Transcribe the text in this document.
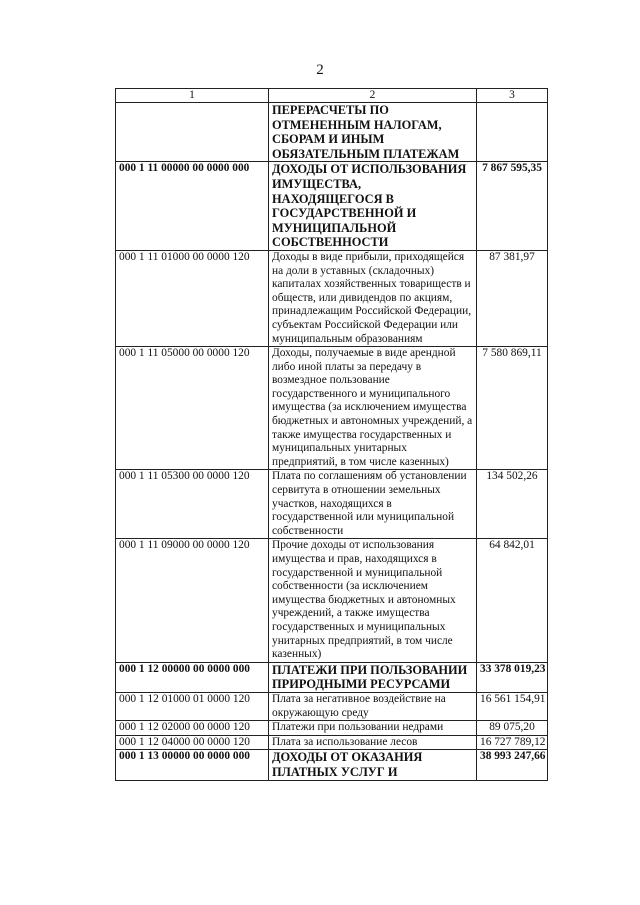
2
1	2	3
	ПЕРЕРАСЧЕТЫ ПО ОТМЕНЕННЫМ НАЛОГАМ, СБОРАМ И ИНЫМ ОБЯЗАТЕЛЬНЫМ ПЛАТЕЖАМ	
000 1 11 00000 00 0000 000	ДОХОДЫ ОТ ИСПОЛЬЗОВАНИЯ ИМУЩЕСТВА, НАХОДЯЩЕГОСЯ В ГОСУДАРСТВЕННОЙ И МУНИЦИПАЛЬНОЙ СОБСТВЕННОСТИ	7 867 595,35
000 1 11 01000 00 0000 120	Доходы в виде прибыли, приходящейся на доли в уставных (складочных) капиталах хозяйственных товариществ и обществ, или дивидендов по акциям, принадлежащим Российской Федерации, субъектам Российской Федерации или муниципальным образованиям	87 381,97
000 1 11 05000 00 0000 120	Доходы, получаемые в виде арендной либо иной платы за передачу в возмездное пользование государственного и муниципального имущества (за исключением имущества бюджетных и автономных учреждений, а также имущества государственных и муниципальных унитарных предприятий, в том числе казенных)	7 580 869,11
000 1 11 05300 00 0000 120	Плата по соглашениям об установлении сервитута в отношении земельных участков, находящихся в государственной или муниципальной собственности	134 502,26
000 1 11 09000 00 0000 120	Прочие доходы от использования имущества и прав, находящихся в государственной и муниципальной собственности (за исключением имущества бюджетных и автономных учреждений, а также имущества государственных и муниципальных унитарных предприятий, в том числе казенных)	64 842,01
000 1 12 00000 00 0000 000	ПЛАТЕЖИ ПРИ ПОЛЬЗОВАНИИ ПРИРОДНЫМИ РЕСУРСАМИ	33 378 019,23
000 1 12 01000 01 0000 120	Плата за негативное воздействие на окружающую среду	16 561 154,91
000 1 12 02000 00 0000 120	Платежи при пользовании недрами	89 075,20
000 1 12 04000 00 0000 120	Плата за использование лесов	16 727 789,12
000 1 13 00000 00 0000 000	ДОХОДЫ ОТ ОКАЗАНИЯ ПЛАТНЫХ УСЛУГ И	38 993 247,66
